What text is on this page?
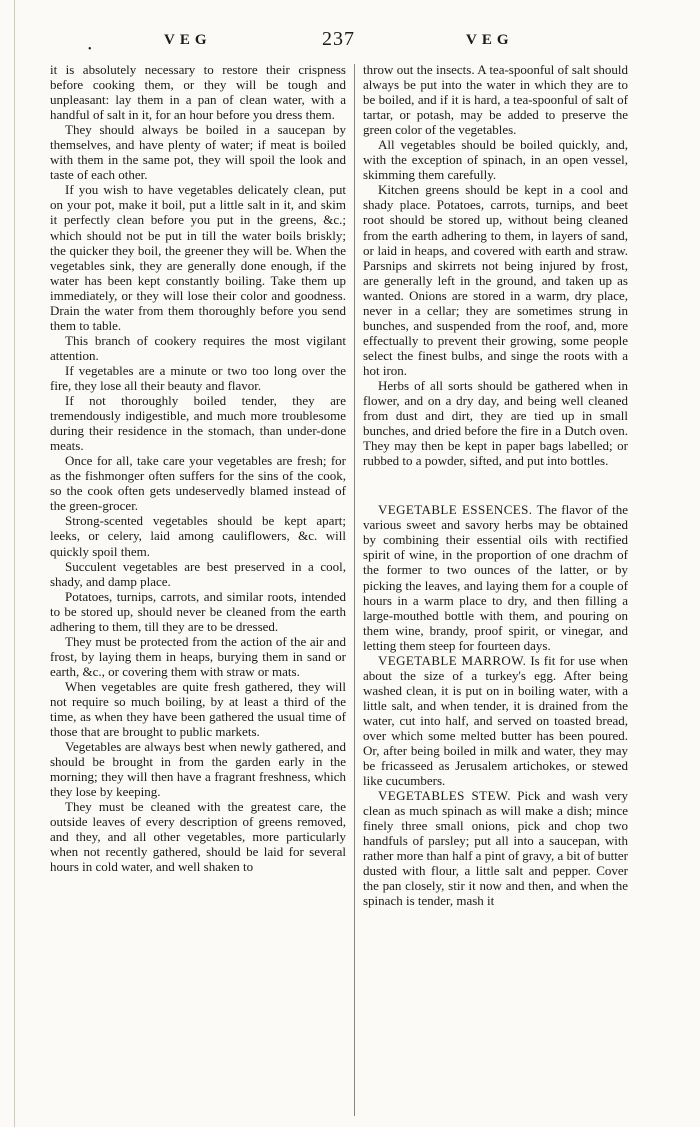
•
VEG	237	VEG

it is absolutely necessary to restore their crispness before cooking them, or they will be tough and unpleasant: lay them in a pan of clean water, with a handful of salt in it, for an hour before you dress them.

They should always be boiled in a saucepan by themselves, and have plenty of water; if meat is boiled with them in the same pot, they will spoil the look and taste of each other.

If you wish to have vegetables delicately clean, put on your pot, make it boil, put a little salt in it, and skim it perfectly clean before you put in the greens, &c.; which should not be put in till the water boils briskly; the quicker they boil, the greener they will be. When the vegetables sink, they are generally done enough, if the water has been kept constantly boiling. Take them up immediately, or they will lose their color and goodness. Drain the water from them thoroughly before you send them to table.

This branch of cookery requires the most vigilant attention.

If vegetables are a minute or two too long over the fire, they lose all their beauty and flavor.

If not thoroughly boiled tender, they are tremendously indigestible, and much more troublesome during their residence in the stomach, than under-done meats.

Once for all, take care your vegetables are fresh; for as the fishmonger often suffers for the sins of the cook, so the cook often gets undeservedly blamed instead of the green-grocer.

Strong-scented vegetables should be kept apart; leeks, or celery, laid among cauliflowers, &c. will quickly spoil them.

Succulent vegetables are best preserved in a cool, shady, and damp place.

Potatoes, turnips, carrots, and similar roots, intended to be stored up, should never be cleaned from the earth adhering to them, till they are to be dressed.

They must be protected from the action of the air and frost, by laying them in heaps, burying them in sand or earth, &c., or covering them with straw or mats.

When vegetables are quite fresh gathered, they will not require so much boiling, by at least a third of the time, as when they have been gathered the usual time of those that are brought to public markets.

Vegetables are always best when newly gathered, and should be brought in from the garden early in the morning; they will then have a fragrant freshness, which they lose by keeping.

They must be cleaned with the greatest care, the outside leaves of every description of greens removed, and they, and all other vegetables, more particularly when not recently gathered, should be laid for several hours in cold water, and well shaken to

throw out the insects. A tea-spoonful of salt should always be put into the water in which they are to be boiled, and if it is hard, a tea-spoonful of salt of tartar, or potash, may be added to preserve the green color of the vegetables.

All vegetables should be boiled quickly, and, with the exception of spinach, in an open vessel, skimming them carefully.

Kitchen greens should be kept in a cool and shady place. Potatoes, carrots, turnips, and beet root should be stored up, without being cleaned from the earth adhering to them, in layers of sand, or laid in heaps, and covered with earth and straw. Parsnips and skirrets not being injured by frost, are generally left in the ground, and taken up as wanted. Onions are stored in a warm, dry place, never in a cellar; they are sometimes strung in bunches, and suspended from the roof, and, more effectually to prevent their growing, some people select the finest bulbs, and singe the roots with a hot iron.

Herbs of all sorts should be gathered when in flower, and on a dry day, and being well cleaned from dust and dirt, they are tied up in small bunches, and dried before the fire in a Dutch oven. They may then be kept in paper bags labelled; or rubbed to a powder, sifted, and put into bottles.

VEGETABLE ESSENCES. The flavor of the various sweet and savory herbs may be obtained by combining their essential oils with rectified spirit of wine, in the proportion of one drachm of the former to two ounces of the latter, or by picking the leaves, and laying them for a couple of hours in a warm place to dry, and then filling a large-mouthed bottle with them, and pouring on them wine, brandy, proof spirit, or vinegar, and letting them steep for fourteen days.

VEGETABLE MARROW. Is fit for use when about the size of a turkey's egg. After being washed clean, it is put on in boiling water, with a little salt, and when tender, it is drained from the water, cut into half, and served on toasted bread, over which some melted butter has been poured. Or, after being boiled in milk and water, they may be fricasseed as Jerusalem artichokes, or stewed like cucumbers.

VEGETABLES STEW. Pick and wash very clean as much spinach as will make a dish; mince finely three small onions, pick and chop two handfuls of parsley; put all into a saucepan, with rather more than half a pint of gravy, a bit of butter dusted with flour, a little salt and pepper. Cover the pan closely, stir it now and then, and when the spinach is tender, mash it
